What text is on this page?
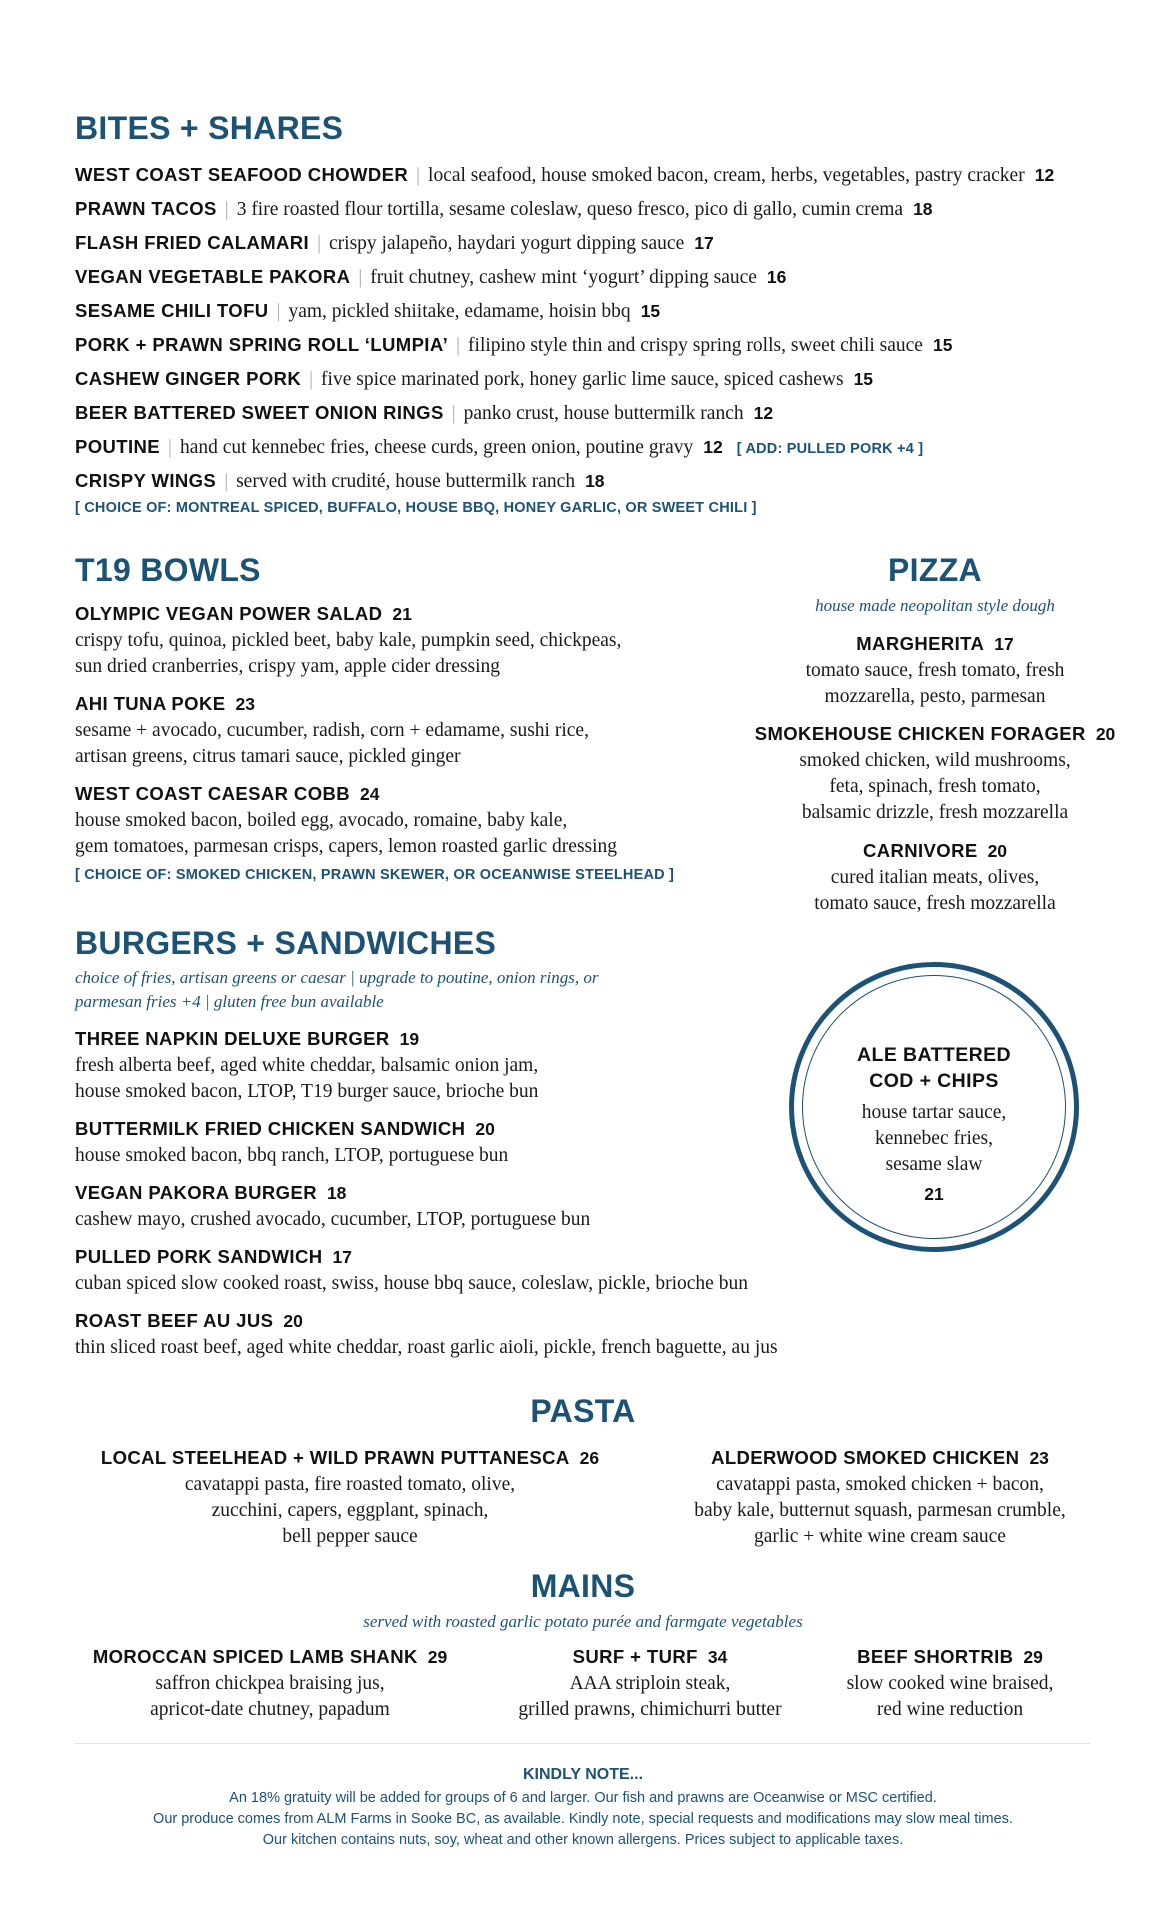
BITES + SHARES
WEST COAST SEAFOOD CHOWDER | local seafood, house smoked bacon, cream, herbs, vegetables, pastry cracker 12
PRAWN TACOS | 3 fire roasted flour tortilla, sesame coleslaw, queso fresco, pico di gallo, cumin crema 18
FLASH FRIED CALAMARI | crispy jalapeño, haydari yogurt dipping sauce 17
VEGAN VEGETABLE PAKORA | fruit chutney, cashew mint ‘yogurt’ dipping sauce 16
SESAME CHILI TOFU | yam, pickled shiitake, edamame, hoisin bbq 15
PORK + PRAWN SPRING ROLL ‘LUMPIA’ | filipino style thin and crispy spring rolls, sweet chili sauce 15
CASHEW GINGER PORK | five spice marinated pork, honey garlic lime sauce, spiced cashews 15
BEER BATTERED SWEET ONION RINGS | panko crust, house buttermilk ranch 12
POUTINE | hand cut kennebec fries, cheese curds, green onion, poutine gravy 12 [ ADD: PULLED PORK +4 ]
CRISPY WINGS | served with crudité, house buttermilk ranch 18
[ CHOICE OF: MONTREAL SPICED, BUFFALO, HOUSE BBQ, HONEY GARLIC, OR SWEET CHILI ]
T19 BOWLS
OLYMPIC VEGAN POWER SALAD 21
crispy tofu, quinoa, pickled beet, baby kale, pumpkin seed, chickpeas,
sun dried cranberries, crispy yam, apple cider dressing
AHI TUNA POKE 23
sesame + avocado, cucumber, radish, corn + edamame, sushi rice,
artisan greens, citrus tamari sauce, pickled ginger
WEST COAST CAESAR COBB 24
house smoked bacon, boiled egg, avocado, romaine, baby kale,
gem tomatoes, parmesan crisps, capers, lemon roasted garlic dressing
[ CHOICE OF: SMOKED CHICKEN, PRAWN SKEWER, OR OCEANWISE STEELHEAD ]
PIZZA
house made neopolitan style dough
MARGHERITA 17
tomato sauce, fresh tomato, fresh
mozzarella, pesto, parmesan
SMOKEHOUSE CHICKEN FORAGER 20
smoked chicken, wild mushrooms,
feta, spinach, fresh tomato,
balsamic drizzle, fresh mozzarella
CARNIVORE 20
cured italian meats, olives,
tomato sauce, fresh mozzarella
BURGERS + SANDWICHES
choice of fries, artisan greens or caesar | upgrade to poutine, onion rings, or
parmesan fries +4 | gluten free bun available
THREE NAPKIN DELUXE BURGER 19
fresh alberta beef, aged white cheddar, balsamic onion jam,
house smoked bacon, LTOP, T19 burger sauce, brioche bun
BUTTERMILK FRIED CHICKEN SANDWICH 20
house smoked bacon, bbq ranch, LTOP, portuguese bun
VEGAN PAKORA BURGER 18
cashew mayo, crushed avocado, cucumber, LTOP, portuguese bun
PULLED PORK SANDWICH 17
cuban spiced slow cooked roast, swiss, house bbq sauce, coleslaw, pickle, brioche bun
ROAST BEEF AU JUS 20
thin sliced roast beef, aged white cheddar, roast garlic aioli, pickle, french baguette, au jus
ALE BATTERED
COD + CHIPS
house tartar sauce,
kennebec fries,
sesame slaw
21
PASTA
LOCAL STEELHEAD + WILD PRAWN PUTTANESCA 26
cavatappi pasta, fire roasted tomato, olive,
zucchini, capers, eggplant, spinach,
bell pepper sauce
ALDERWOOD SMOKED CHICKEN 23
cavatappi pasta, smoked chicken + bacon,
baby kale, butternut squash, parmesan crumble,
garlic + white wine cream sauce
MAINS
served with roasted garlic potato purée and farmgate vegetables
MOROCCAN SPICED LAMB SHANK 29
saffron chickpea braising jus,
apricot-date chutney, papadum
SURF + TURF 34
AAA striploin steak,
grilled prawns, chimichurri butter
BEEF SHORTRIB 29
slow cooked wine braised,
red wine reduction
KINDLY NOTE...
An 18% gratuity will be added for groups of 6 and larger. Our fish and prawns are Oceanwise or MSC certified.
Our produce comes from ALM Farms in Sooke BC, as available. Kindly note, special requests and modifications may slow meal times.
Our kitchen contains nuts, soy, wheat and other known allergens. Prices subject to applicable taxes.
